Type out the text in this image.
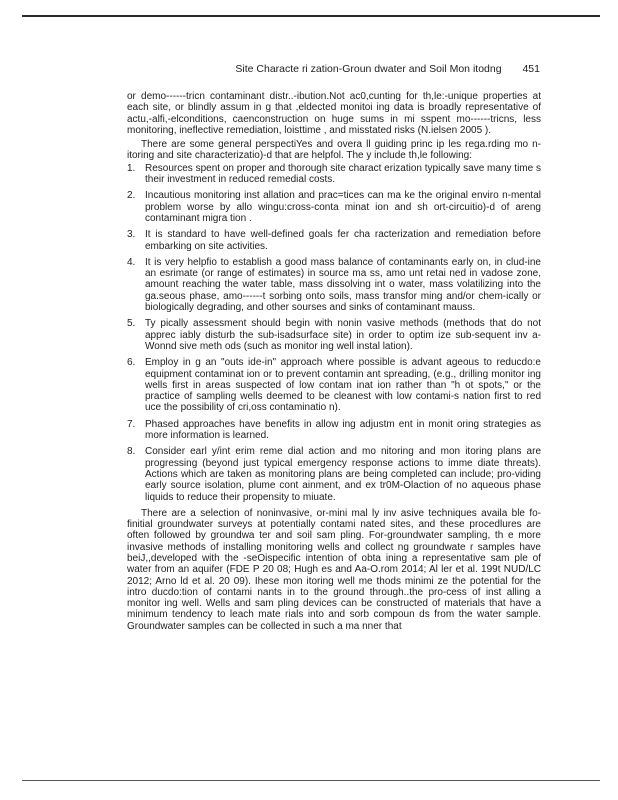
Site Characte ri zation-Groun dwater and Soil Mon itodng 451

or demo------tricn contaminant distr..-ibution.Not ac0,cunting for th,le:-unique properties at each site, or blindly assum in g that ,eldected monitoi ing data is broadly representative of actu,-alfi,-elconditions, caenconstruction on huge sums in mi sspent mo------tricns, less monitoring, ineflective remediation, loisttime , and misstated risks (N.ielsen 2005 ).

There are some general perspectiYes and overa ll guiding princ ip les rega.rding mo n-itoring and site characterizatio)-d that are helpfol. The y include th,le following:

1. Resources spent on proper and thorough site charact erization typically save many time s their investment in reduced remedial costs.
2. Incautious monitoring inst allation and prac=tices can ma ke the original enviro n-mental problem worse by allo wingu:cross-conta minat ion and sh ort-circuitio)-d of areng contaminant migra tion .
3. It is standard to have well-defined goals fer cha racterization and remediation before embarking on site activities.
4. It is very helpfio to establish a good mass balance of contaminants early on, in clud-ine an esrimate (or range of estimates) in source ma ss, amo unt retai ned in vadose zone, amount reaching the water table, mass dissolving int o water, mass volatilizing into the ga.seous phase, amo------t sorbing onto soils, mass transfor ming and/or chem-ically or biologically degrading, and other sourses and sinks of contaminant mauss.
5. Ty pically assessment should begin with nonin vasive methods (methods that do not apprec iably disturb the sub-isadsurface site) in order to optim ize sub-sequent inv a-Wonnd sive meth ods (such as monitor ing well instal lation).
6. Employ in g an "outs ide-in" approach where possible is advant ageous to reducdo:e equipment contaminat ion or to prevent contamin ant spreading, (e.g., drilling monitor ing wells first in areas suspected of low contam inat ion rather than "h ot spots," or the practice of sampling wells deemed to be cleanest with low contami-s nation first to red uce the possibility of cri,oss contaminatio n).
7. Phased approaches have benefits in allow ing adjustm ent in monit oring strategies as more information is learned.
8. Consider earl y/int erim reme dial action and mo nitoring and mon itoring plans are progressing (beyond just typical emergency response actions to imme diate threats). Actions which are taken as monitoring plans are being completed can include; pro-viding early source isolation, plume cont ainment, and ex tr0M-Olaction of no aqueous phase liquids to reduce their propensity to miuate.

There are a selection of noninvasive, or-mini mal ly inv asive techniques availa ble fo-finitial groundwater surveys at potentially contami nated sites, and these procedlures are often followed by groundwa ter and soil sam pling. For-groundwater sampling, th e more invasive methods of installing monitoring wells and collect ng groundwate r samples have beiJ,,developed with the -seOispecific intention of obta ining a representative sam ple of water from an aquifer (FDE P 20 08; Hugh es and Aa-O.rom 2014; Al ler et al. 199t NUD/LC 2012; Arno ld et al. 20 09). Ihese mon itoring well me thods minimi ze the potential for the intro ducdo:tion of contami nants in to the ground through..the pro-cess of inst alling a monitor ing well. Wells and sam pling devices can be constructed of materials that have a minimum tendency to leach mate rials into and sorb compoun ds from the water sample. Groundwater samples can be collected in such a ma nner that
